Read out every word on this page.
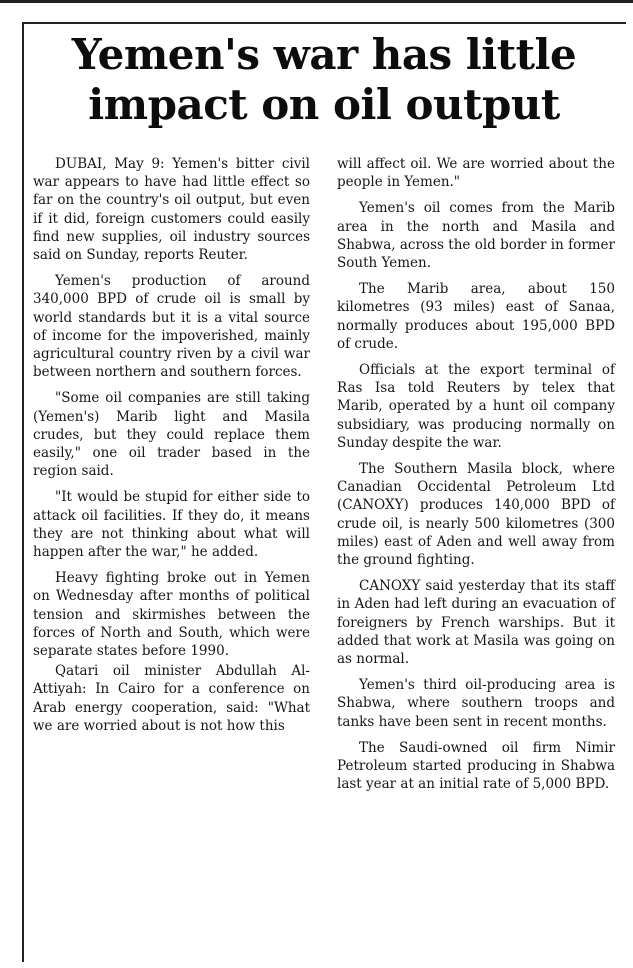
Yemen's war has little
impact on oil output

DUBAI, May 9: Yemen's bitter civil war appears to have had little effect so far on the country's oil output, but even if it did, foreign customers could easily find new supplies, oil industry sources said on Sunday, reports Reuter.

Yemen's production of around 340,000 BPD of crude oil is small by world standards but it is a vital source of income for the impoverished, mainly agricultural country riven by a civil war between northern and southern forces.

"Some oil companies are still taking (Yemen's) Marib light and Masila crudes, but they could replace them easily," one oil trader based in the region said.

"It would be stupid for either side to attack oil facilities. If they do, it means they are not thinking about what will happen after the war," he added.

Heavy fighting broke out in Yemen on Wednesday after months of political tension and skirmishes between the forces of North and South, which were separate states before 1990.

Qatari oil minister Abdullah Al-Attiyah: In Cairo for a conference on Arab energy cooperation, said: "What we are worried about is not how this

will affect oil. We are worried about the people in Yemen."

Yemen's oil comes from the Marib area in the north and Masila and Shabwa, across the old border in former South Yemen.

The Marib area, about 150 kilometres (93 miles) east of Sanaa, normally produces about 195,000 BPD of crude.

Officials at the export terminal of Ras Isa told Reuters by telex that Marib, operated by a hunt oil company subsidiary, was producing normally on Sunday despite the war.

The Southern Masila block, where Canadian Occidental Petroleum Ltd (CANOXY) produces 140,000 BPD of crude oil, is nearly 500 kilometres (300 miles) east of Aden and well away from the ground fighting.

CANOXY said yesterday that its staff in Aden had left during an evacuation of foreigners by French warships. But it added that work at Masila was going on as normal.

Yemen's third oil-producing area is Shabwa, where southern troops and tanks have been sent in recent months.

The Saudi-owned oil firm Nimir Petroleum started producing in Shabwa last year at an initial rate of 5,000 BPD.
